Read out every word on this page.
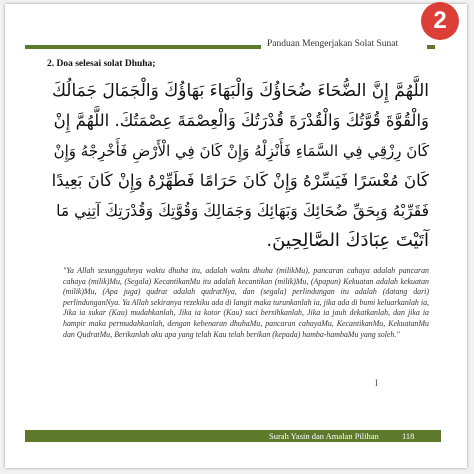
Panduan Mengerjakan Solat Sunat
2. Doa selesai solat Dhuha;
اللَّهُمَّ إِنَّ الضُّحَاءَ ضُحَاؤُكَ وَالْبَهَاءَ بَهَاؤُكَ وَالْجَمَالَ جَمَالُكَ
وَالْقُوَّةَ قُوَّتُكَ وَالْقُدْرَةَ قُدْرَتُكَ وَالْعِصْمَةَ عِصْمَتُكَ. اللَّهُمَّ إِنْ
كَانَ رِزْقِي فِي السَّمَاءِ فَأَنْزِلْهُ وَإِنْ كَانَ فِي الْأَرْضِ فَأَخْرِجْهُ وَإِنْ
كَانَ مُعْسَرًا فَيَسِّرْهُ وَإِنْ كَانَ حَرَامًا فَطَهِّرْهُ وَإِنْ كَانَ بَعِيدًا
فَقَرِّبْهُ وَبِحَقِّ ضُحَائِكَ وَبَهَائِكَ وَجَمَالِكَ وَقُوَّتِكَ وَقُدْرَتِكَ آتِنِي مَا
آتَيْتَ عِبَادَكَ الصَّالِحِينَ.
"Ya Allah sesungguhnya waktu dhuha itu, adalah waktu dhuha (milikMu), pancaran cahaya adalah pancaran cahaya (milik)Mu, (Segala) KecantikanMu itu adalah kecantikan (milik)Mu, (Apapun) Kekuatan adalah kekuatan (milik)Mu, (Apa juga) qudrat adalah qudratNya, dan (segala) perlindungan itu adalah (datang dari) perlindunganNya. Ya Allah sekiranya rezekiku ada di langit maka turunkanlah ia, jika ada di bumi keluarkanlah ia, Jika ia sukar (Kau) mudahkanlah, Jika ia kotor (Kau) suci bersihkanlah, Jika ia jauh dekatkanlah, dan jika ia hampir maka permudahkanlah, dengan kebenaran dhuhaMu, pancaran cahayaMu, KecantikanMu, KekuatanMu dan QudratMu, Berikanlah aku apa yang telah Kau telah berikan (kepada) hamba-hambaMu yang soleh."
I
Surah Yasin dan Amalan Pilihan	118
2
